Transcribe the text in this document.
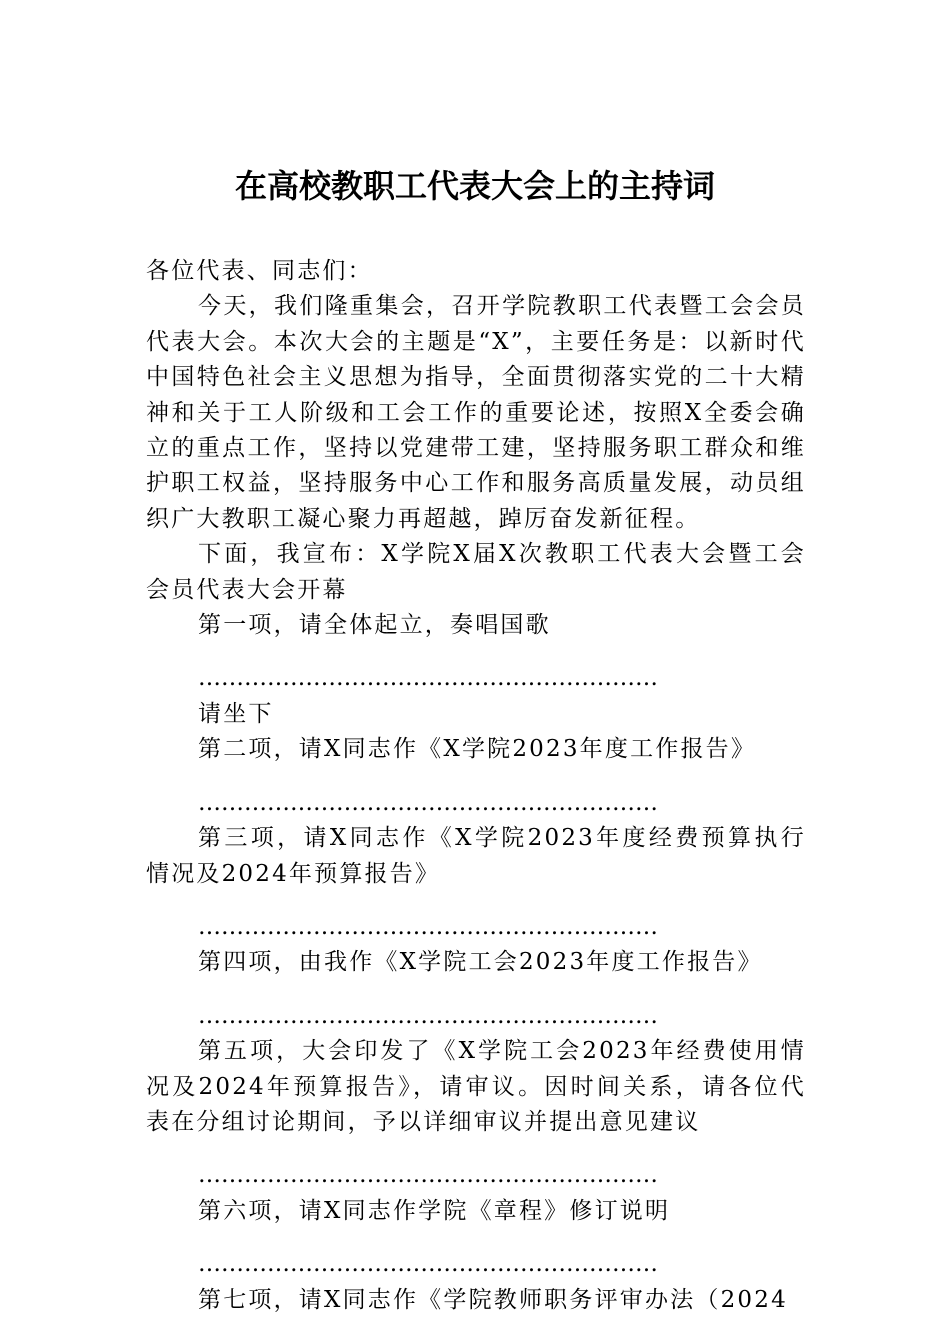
在高校教职工代表大会上的主持词

各位代表、同志们：

今天，我们隆重集会，召开学院教职工代表暨工会会员代表大会。本次大会的主题是“X”，主要任务是：以新时代中国特色社会主义思想为指导，全面贯彻落实党的二十大精神和关于工人阶级和工会工作的重要论述，按照X全委会确立的重点工作，坚持以党建带工建，坚持服务职工群众和维护职工权益，坚持服务中心工作和服务高质量发展，动员组织广大教职工凝心聚力再超越，踔厉奋发新征程。

下面，我宣布：X学院X届X次教职工代表大会暨工会会员代表大会开幕

第一项，请全体起立，奏唱国歌

……………………………………………………

请坐下

第二项，请X同志作《X学院2023年度工作报告》

……………………………………………………

第三项，请X同志作《X学院2023年度经费预算执行情况及2024年预算报告》

……………………………………………………

第四项，由我作《X学院工会2023年度工作报告》

……………………………………………………

第五项，大会印发了《X学院工会2023年经费使用情况及2024年预算报告》，请审议。因时间关系，请各位代表在分组讨论期间，予以详细审议并提出意见建议

……………………………………………………

第六项，请X同志作学院《章程》修订说明

……………………………………………………

第七项，请X同志作《学院教师职务评审办法（2024
